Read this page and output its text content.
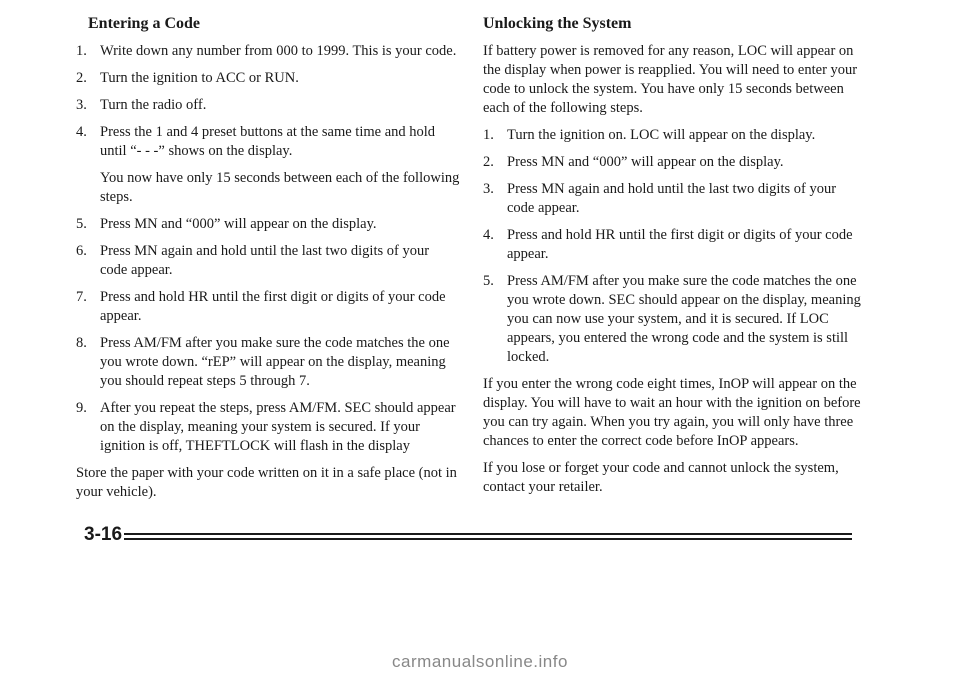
Entering a Code
1. Write down any number from 000 to 1999. This is your code.
2. Turn the ignition to ACC or RUN.
3. Turn the radio off.
4. Press the 1 and 4 preset buttons at the same time and hold until “- - -” shows on the display.
You now have only 15 seconds between each of the following steps.
5. Press MN and “000” will appear on the display.
6. Press MN again and hold until the last two digits of your code appear.
7. Press and hold HR until the first digit or digits of your code appear.
8. Press AM/FM after you make sure the code matches the one you wrote down. “rEP” will appear on the display, meaning you should repeat steps 5 through 7.
9. After you repeat the steps, press AM/FM. SEC should appear on the display, meaning your system is secured. If your ignition is off, THEFTLOCK will flash in the display

Store the paper with your code written on it in a safe place (not in your vehicle).

Unlocking the System

If battery power is removed for any reason, LOC will appear on the display when power is reapplied. You will need to enter your code to unlock the system. You have only 15 seconds between each of the following steps.

1. Turn the ignition on. LOC will appear on the display.
2. Press MN and “000” will appear on the display.
3. Press MN again and hold until the last two digits of your code appear.
4. Press and hold HR until the first digit or digits of your code appear.
5. Press AM/FM after you make sure the code matches the one you wrote down. SEC should appear on the display, meaning you can now use your system, and it is secured. If LOC appears, you entered the wrong code and the system is still locked.

If you enter the wrong code eight times, InOP will appear on the display. You will have to wait an hour with the ignition on before you can try again. When you try again, you will only have three chances to enter the correct code before InOP appears.

If you lose or forget your code and cannot unlock the system, contact your retailer.

3-16
carmanualsonline.info
